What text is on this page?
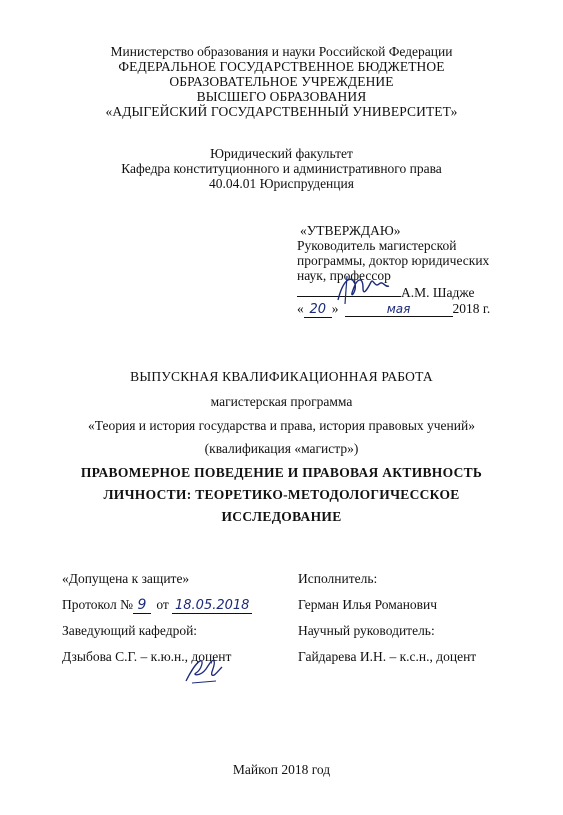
Министерство образования и науки Российской Федерации
ФЕДЕРАЛЬНОЕ ГОСУДАРСТВЕННОЕ БЮДЖЕТНОЕ
ОБРАЗОВАТЕЛЬНОЕ УЧРЕЖДЕНИЕ
ВЫСШЕГО ОБРАЗОВАНИЯ
«АДЫГЕЙСКИЙ ГОСУДАРСТВЕННЫЙ УНИВЕРСИТЕТ»
Юридический факультет
Кафедра конституционного и административного права
40.04.01 Юриспруденция
«УТВЕРЖДАЮ»
Руководитель магистерской
программы, доктор юридических
наук, профессор
А.М. Шадже
« 20 »	мая	2018 г.
ВЫПУСКНАЯ КВАЛИФИКАЦИОННАЯ РАБОТА
магистерская программа
«Теория и история государства и права, история правовых учений»
(квалификация «магистр»)
ПРАВОМЕРНОЕ ПОВЕДЕНИЕ И ПРАВОВАЯ АКТИВНОСТЬ
ЛИЧНОСТИ: ТЕОРЕТИКО-МЕТОДОЛОГИЧЕССКОЕ
ИССЛЕДОВАНИЕ
«Допущена к защите»
Протокол № 9 от 18.05.2018
Заведующий кафедрой:
Дзыбова С.Г. – к.ю.н., доцент
Исполнитель:
Герман Илья Романович
Научный руководитель:
Гайдарева И.Н. – к.с.н., доцент
Майкоп 2018 год
